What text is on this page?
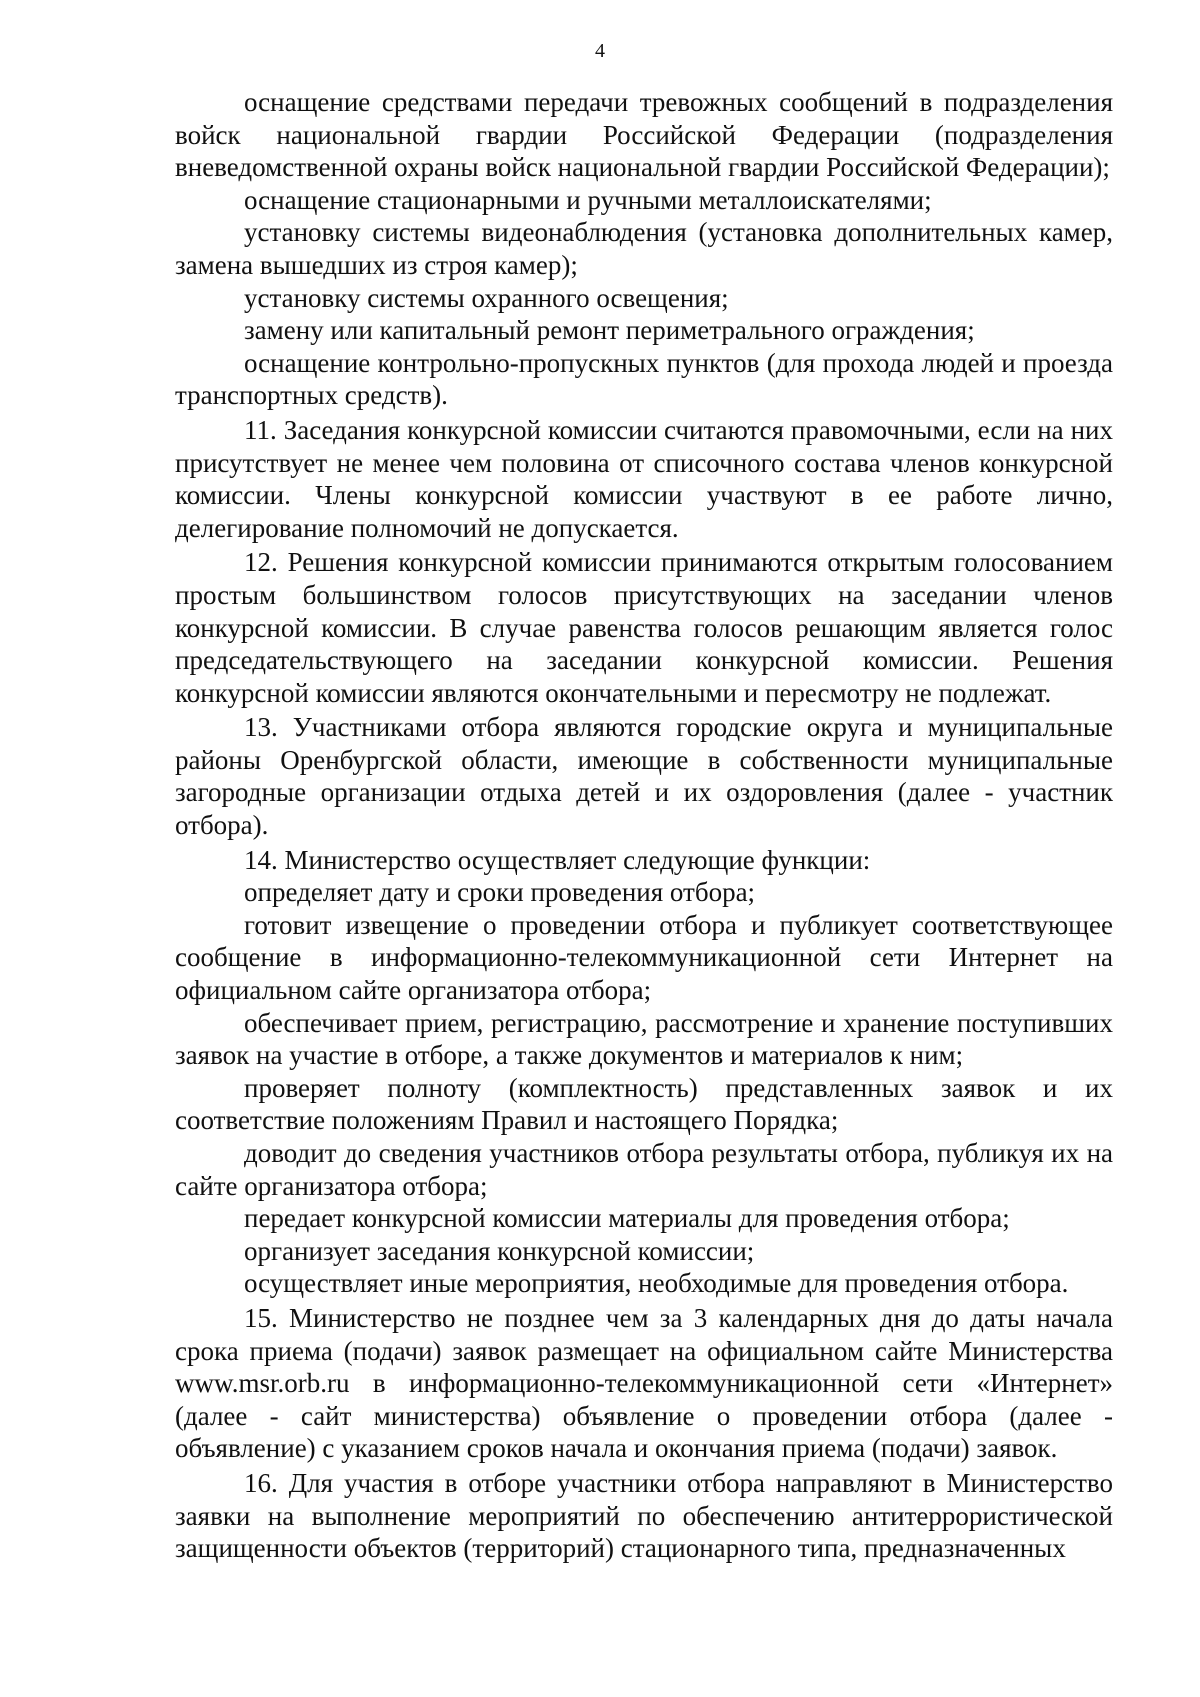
4

оснащение средствами передачи тревожных сообщений в подразделения войск национальной гвардии Российской Федерации (подразделения вневедомственной охраны войск национальной гвардии Российской Федерации);

оснащение стационарными и ручными металлоискателями;

установку системы видеонаблюдения (установка дополнительных камер, замена вышедших из строя камер);

установку системы охранного освещения;

замену или капитальный ремонт периметрального ограждения;

оснащение контрольно-пропускных пунктов (для прохода людей и проезда транспортных средств).

11. Заседания конкурсной комиссии считаются правомочными, если на них присутствует не менее чем половина от списочного состава членов конкурсной комиссии. Члены конкурсной комиссии участвуют в ее работе лично, делегирование полномочий не допускается.

12. Решения конкурсной комиссии принимаются открытым голосованием простым большинством голосов присутствующих на заседании членов конкурсной комиссии. В случае равенства голосов решающим является голос председательствующего на заседании конкурсной комиссии. Решения конкурсной комиссии являются окончательными и пересмотру не подлежат.

13. Участниками отбора являются городские округа и муниципальные районы Оренбургской области, имеющие в собственности муниципальные загородные организации отдыха детей и их оздоровления (далее - участник отбора).

14. Министерство осуществляет следующие функции:

определяет дату и сроки проведения отбора;

готовит извещение о проведении отбора и публикует соответствующее сообщение в информационно-телекоммуникационной сети Интернет на официальном сайте организатора отбора;

обеспечивает прием, регистрацию, рассмотрение и хранение поступивших заявок на участие в отборе, а также документов и материалов к ним;

проверяет полноту (комплектность) представленных заявок и их соответствие положениям Правил и настоящего Порядка;

доводит до сведения участников отбора результаты отбора, публикуя их на сайте организатора отбора;

передает конкурсной комиссии материалы для проведения отбора;

организует заседания конкурсной комиссии;

осуществляет иные мероприятия, необходимые для проведения отбора.

15. Министерство не позднее чем за 3 календарных дня до даты начала срока приема (подачи) заявок размещает на официальном сайте Министерства www.msr.orb.ru в информационно-телекоммуникационной сети «Интернет» (далее - сайт министерства) объявление о проведении отбора (далее - объявление) с указанием сроков начала и окончания приема (подачи) заявок.

16. Для участия в отборе участники отбора направляют в Министерство заявки на выполнение мероприятий по обеспечению антитеррористической защищенности объектов (территорий) стационарного типа, предназначенных
